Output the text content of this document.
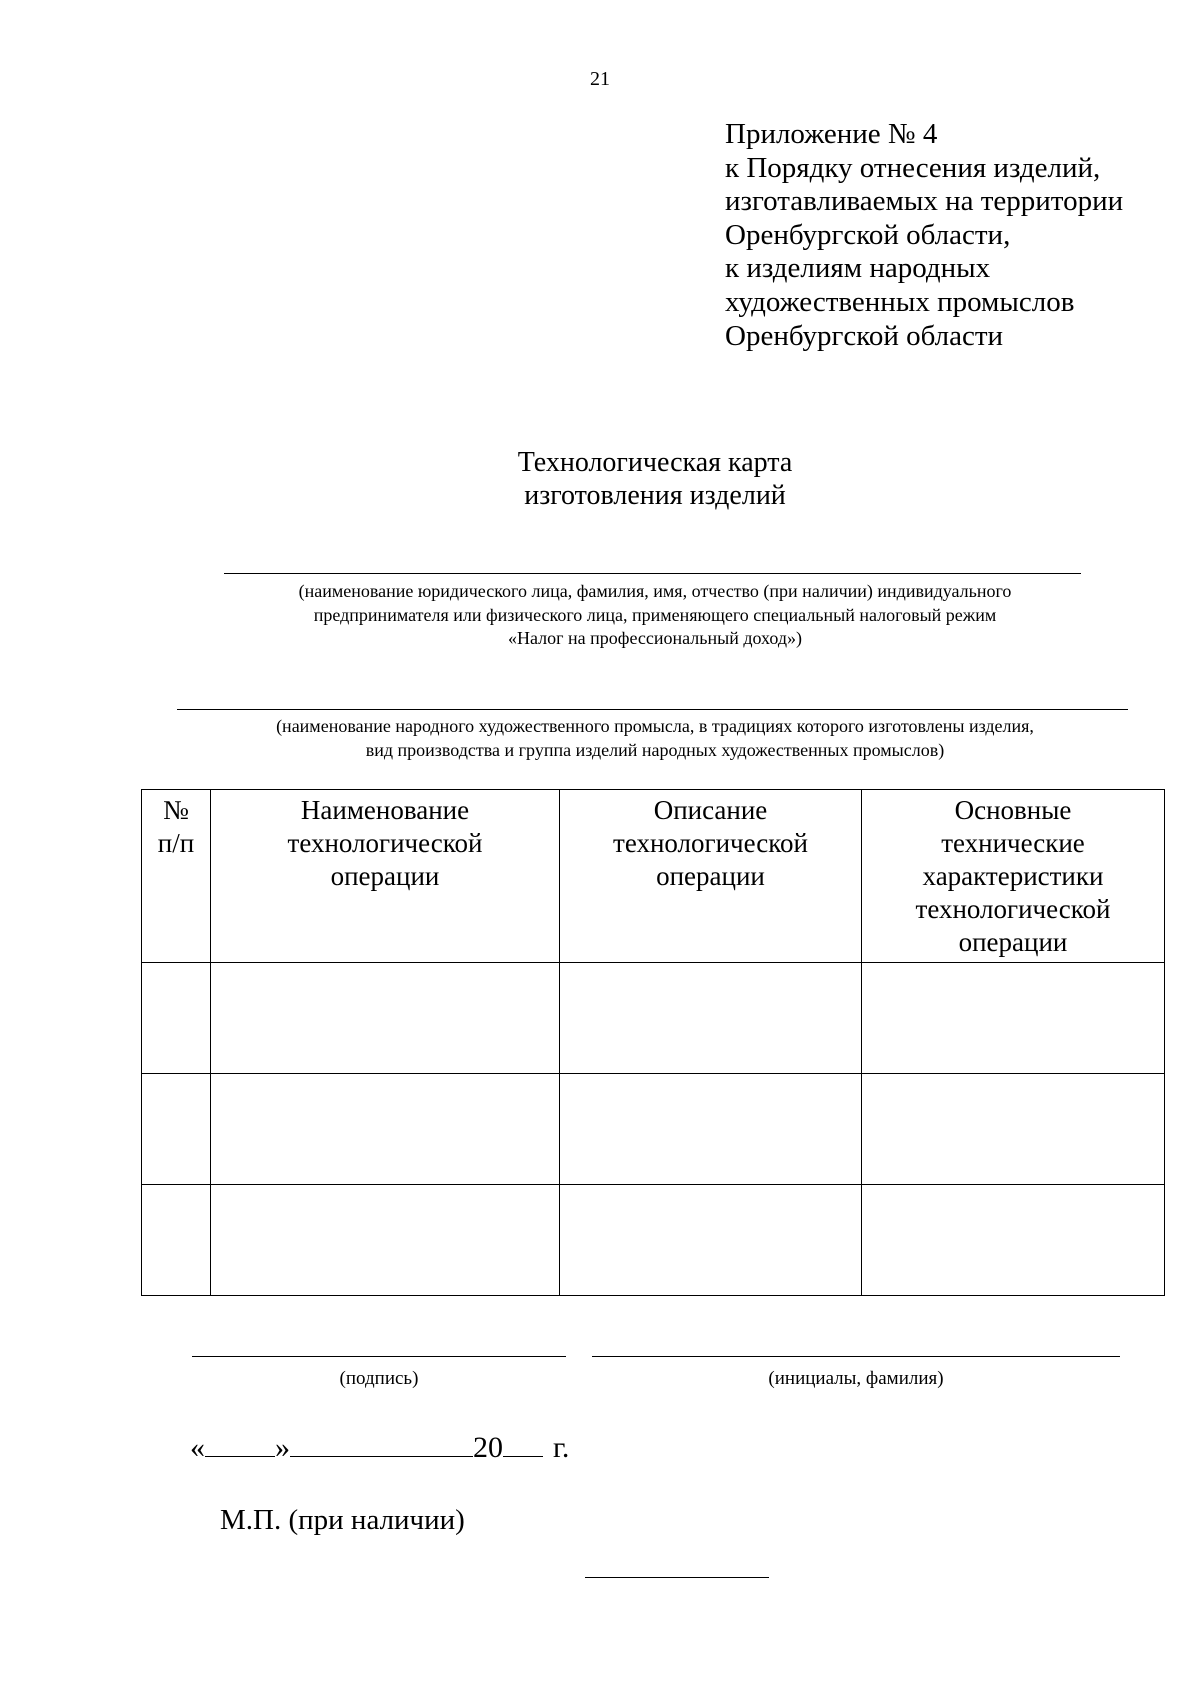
21
Приложение № 4
к Порядку отнесения изделий,
изготавливаемых на территории
Оренбургской области,
к изделиям народных
художественных промыслов
Оренбургской области
Технологическая карта
изготовления изделий
(наименование юридического лица, фамилия, имя, отчество (при наличии) индивидуального
предпринимателя или физического лица, применяющего специальный налоговый режим
«Налог на профессиональный доход»)
(наименование народного художественного промысла, в традициях которого изготовлены изделия,
вид производства и группа изделий народных художественных промыслов)
№ п/п	Наименование технологической операции	Описание технологической операции	Основные технические характеристики технологической операции

(подпись)	(инициалы, фамилия)
« »	20 г.
М.П. (при наличии)
